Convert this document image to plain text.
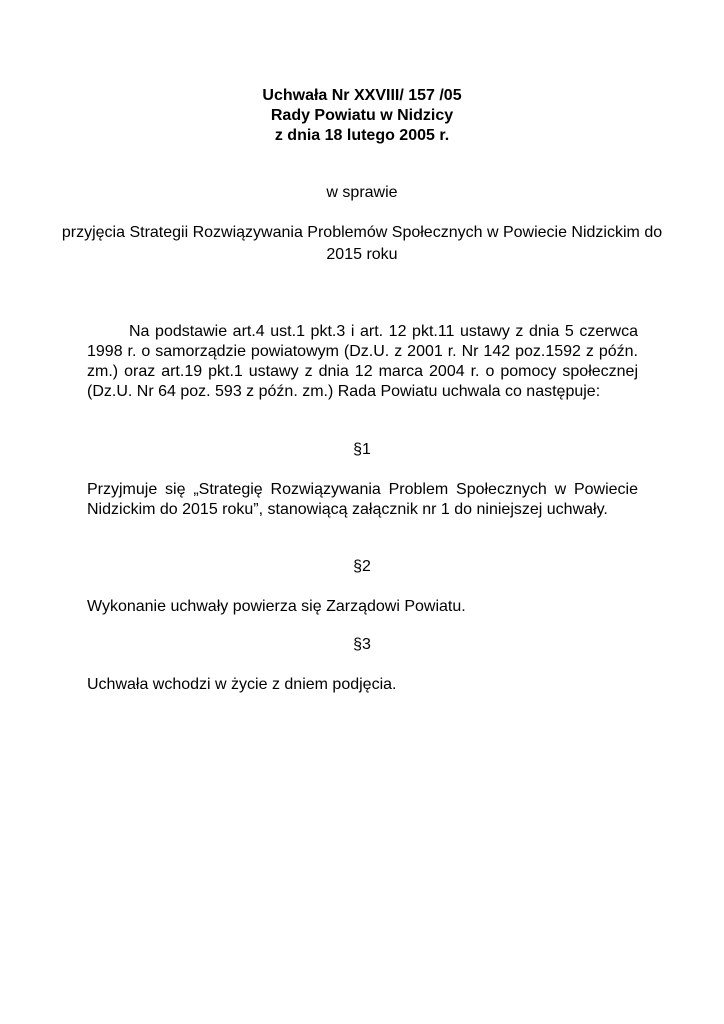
Uchwała Nr XXVIII/ 157 /05
Rady Powiatu w Nidzicy
z dnia 18 lutego 2005 r.
w sprawie
przyjęcia Strategii Rozwiązywania Problemów Społecznych w Powiecie Nidzickim do 2015 roku
Na podstawie art.4 ust.1 pkt.3 i art. 12 pkt.11 ustawy z dnia 5 czerwca 1998 r. o samorządzie powiatowym (Dz.U. z 2001 r. Nr 142 poz.1592 z późn. zm.) oraz art.19 pkt.1 ustawy z dnia 12 marca 2004 r. o pomocy społecznej (Dz.U. Nr 64 poz. 593 z późn. zm.) Rada Powiatu uchwala co następuje:
§1
Przyjmuje się „Strategię Rozwiązywania Problem Społecznych w Powiecie Nidzickim do 2015 roku”, stanowiącą załącznik nr 1 do niniejszej uchwały.
§2
Wykonanie uchwały powierza się Zarządowi Powiatu.
§3
Uchwała wchodzi w życie z dniem podjęcia.
